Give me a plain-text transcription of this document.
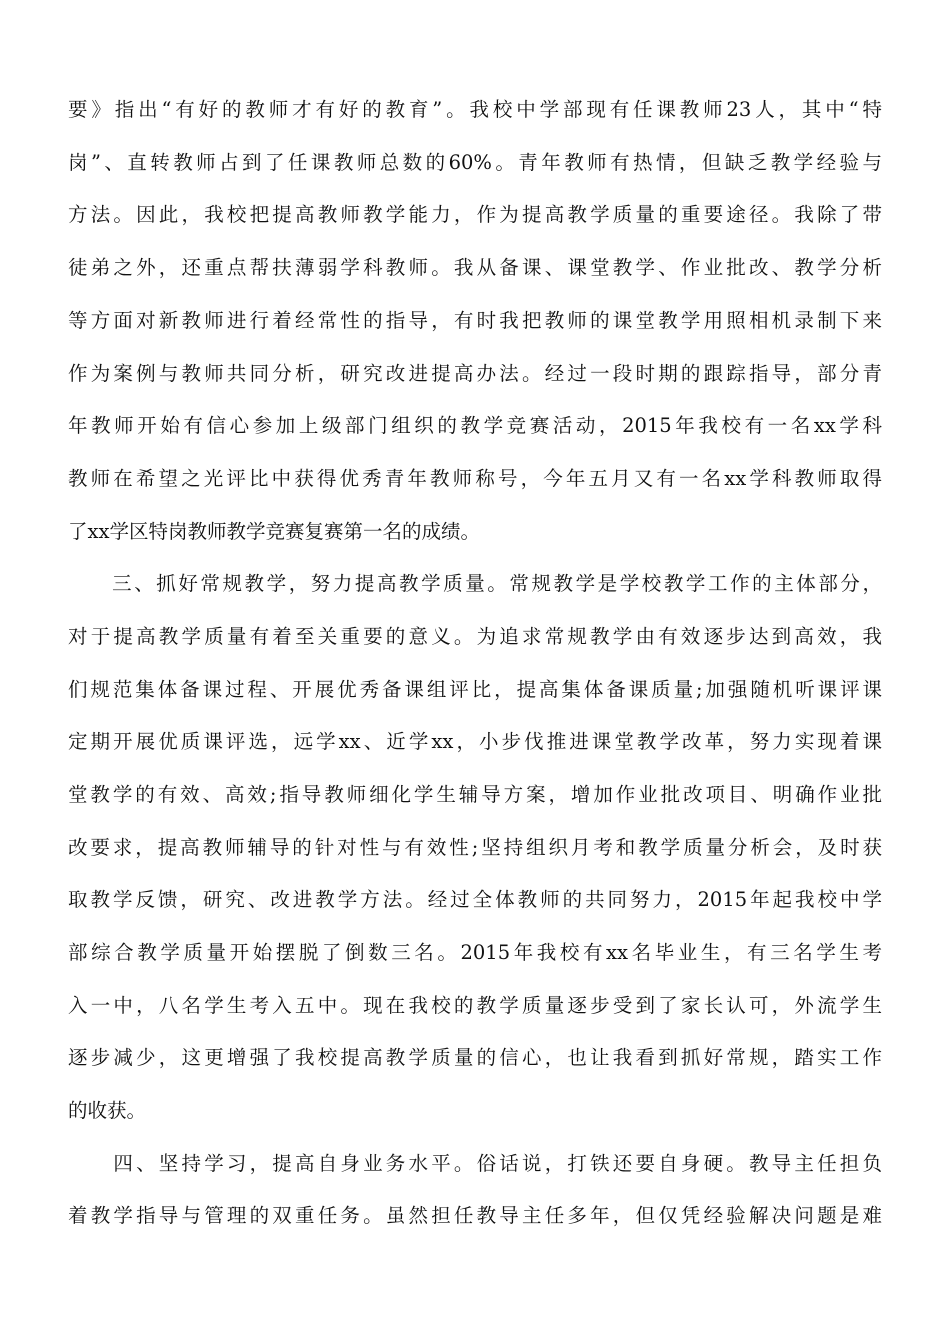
要》指出“有好的教师才有好的教育”。我校中学部现有任课教师23人，其中“特
岗”、直转教师占到了任课教师总数的60%。青年教师有热情，但缺乏教学经验与
方法。因此，我校把提高教师教学能力，作为提高教学质量的重要途径。我除了带
徒弟之外，还重点帮扶薄弱学科教师。我从备课、课堂教学、作业批改、教学分析
等方面对新教师进行着经常性的指导，有时我把教师的课堂教学用照相机录制下来
作为案例与教师共同分析，研究改进提高办法。经过一段时期的跟踪指导，部分青
年教师开始有信心参加上级部门组织的教学竞赛活动，2015年我校有一名xx学科
教师在希望之光评比中获得优秀青年教师称号，今年五月又有一名xx学科教师取得
了xx学区特岗教师教学竞赛复赛第一名的成绩。
　　三、抓好常规教学，努力提高教学质量。常规教学是学校教学工作的主体部分，
对于提高教学质量有着至关重要的意义。为追求常规教学由有效逐步达到高效，我
们规范集体备课过程、开展优秀备课组评比，提高集体备课质量;加强随机听课评课
定期开展优质课评选，远学xx、近学xx，小步伐推进课堂教学改革，努力实现着课
堂教学的有效、高效;指导教师细化学生辅导方案，增加作业批改项目、明确作业批
改要求，提高教师辅导的针对性与有效性;坚持组织月考和教学质量分析会，及时获
取教学反馈，研究、改进教学方法。经过全体教师的共同努力，2015年起我校中学
部综合教学质量开始摆脱了倒数三名。2015年我校有xx名毕业生，有三名学生考
入一中，八名学生考入五中。现在我校的教学质量逐步受到了家长认可，外流学生
逐步减少，这更增强了我校提高教学质量的信心，也让我看到抓好常规，踏实工作
的收获。
　　四、坚持学习，提高自身业务水平。俗话说，打铁还要自身硬。教导主任担负
着教学指导与管理的双重任务。虽然担任教导主任多年，但仅凭经验解决问题是难
